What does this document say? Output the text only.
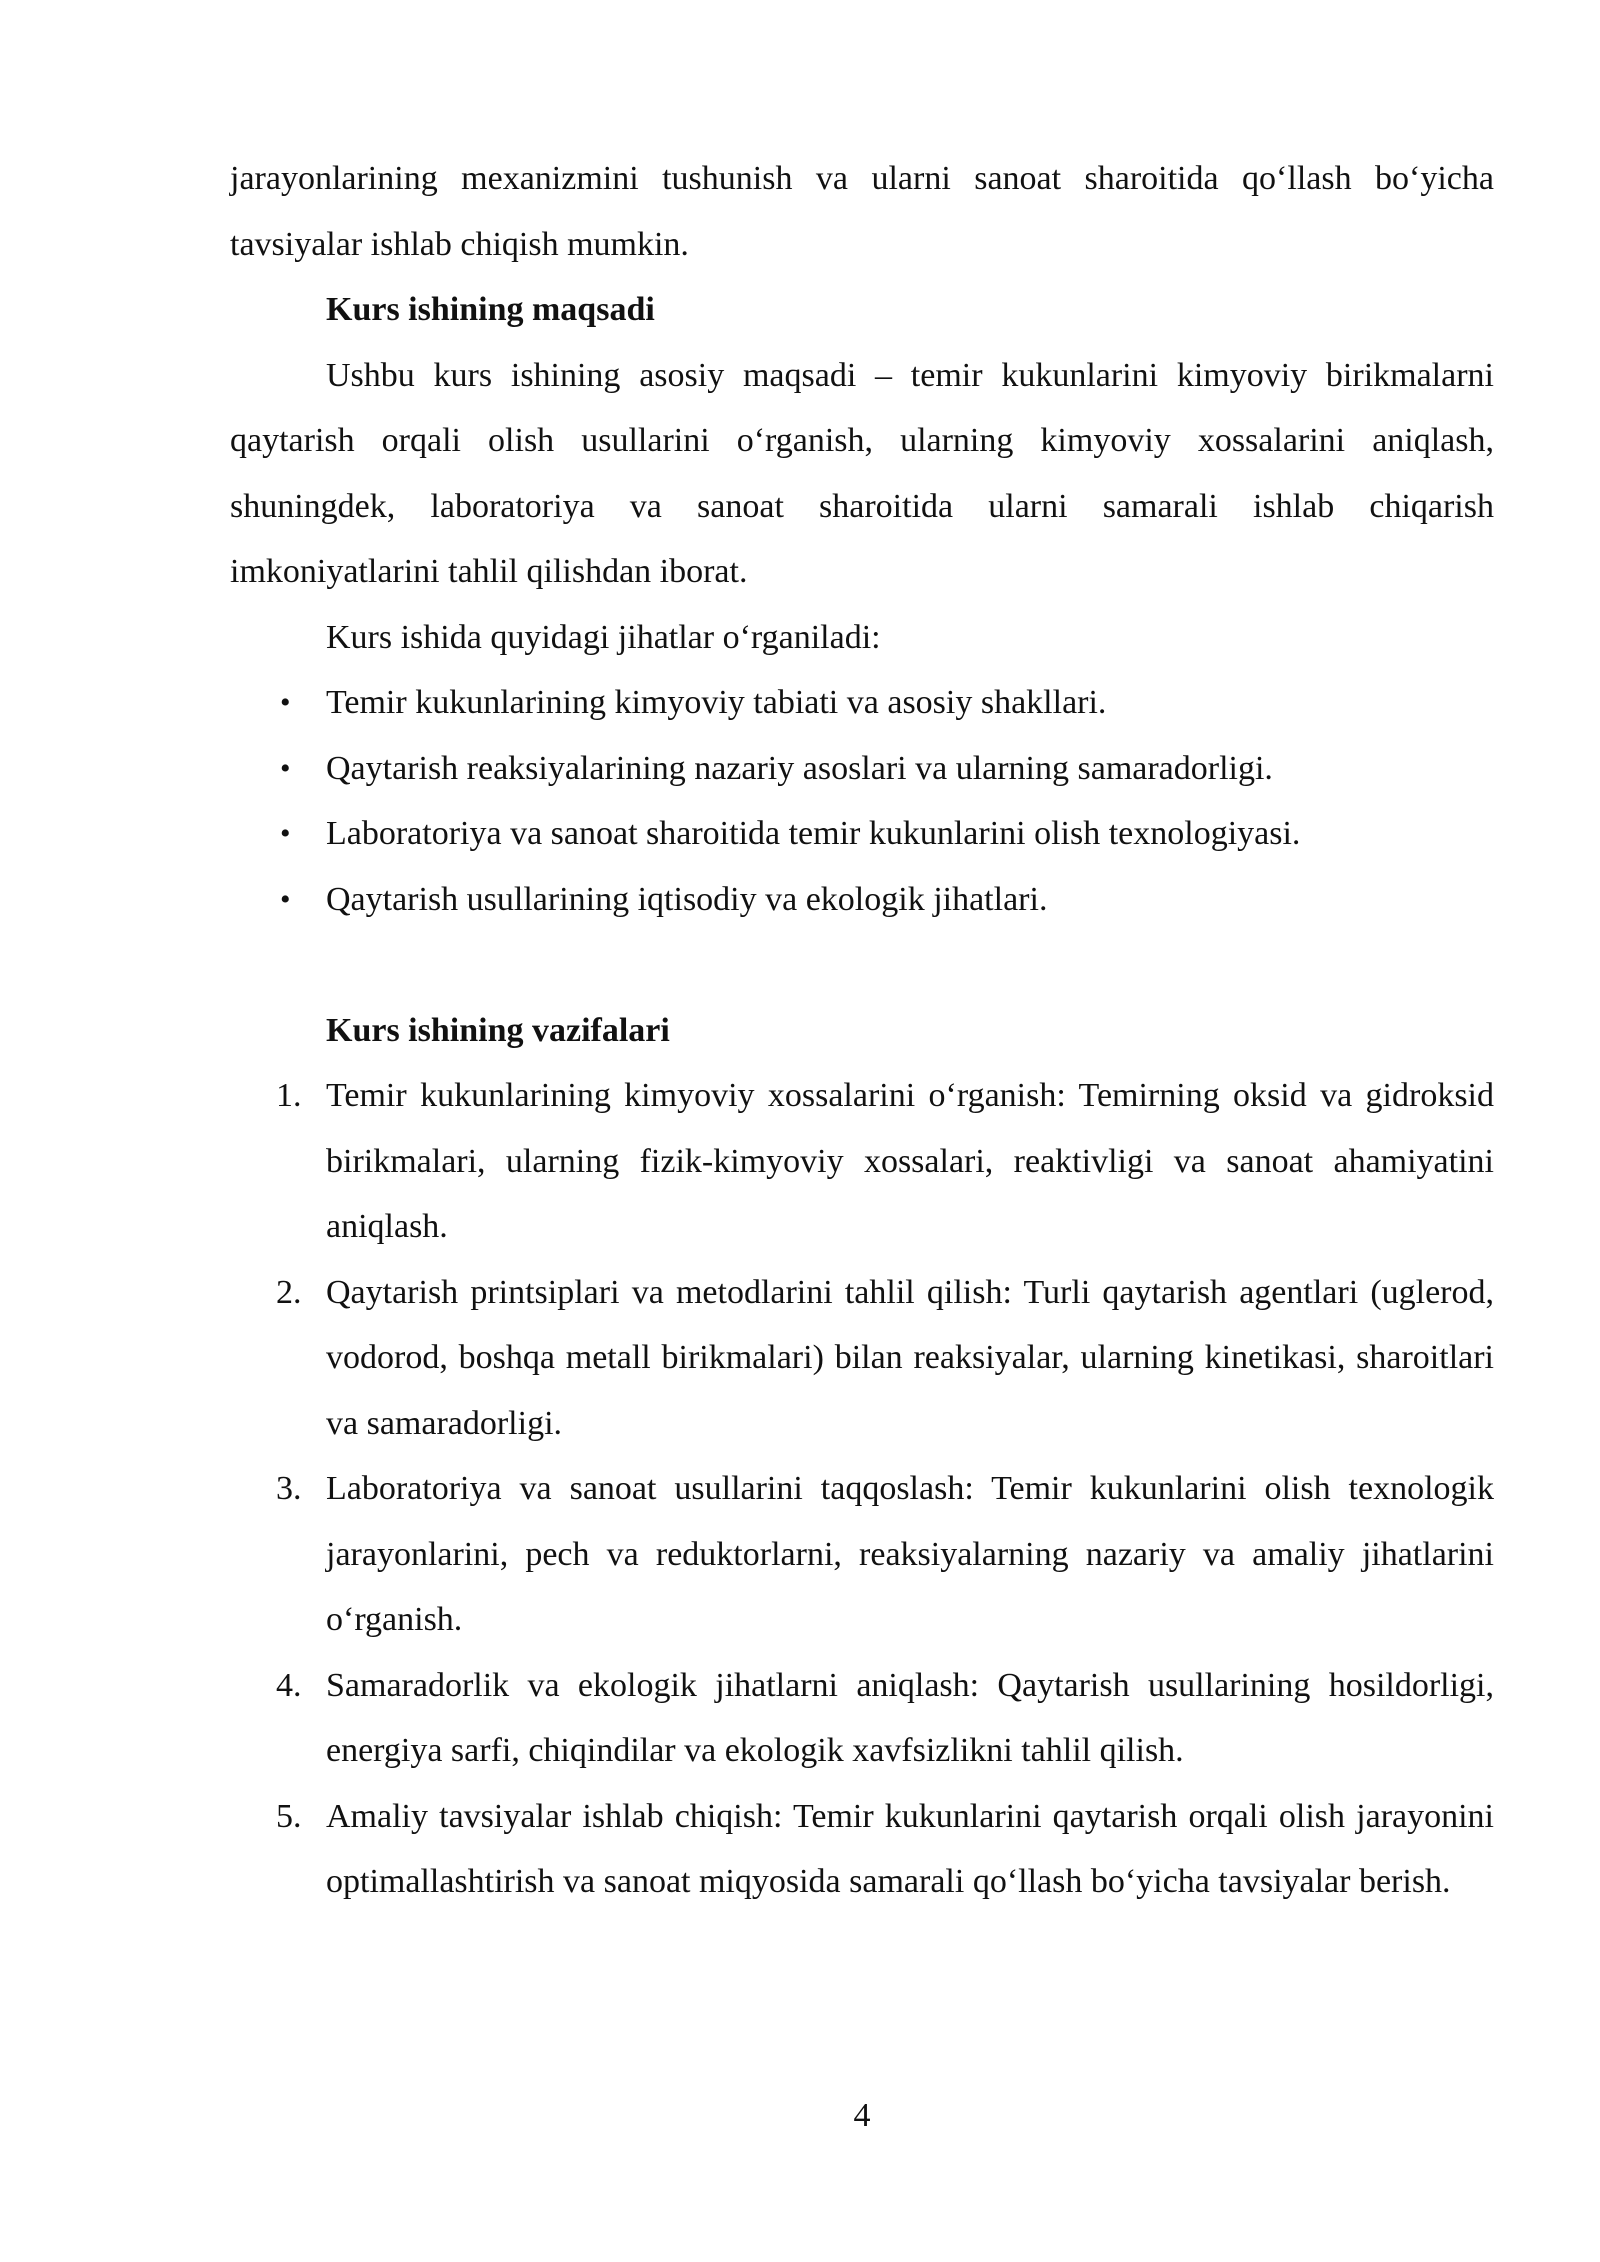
jarayonlarining mexanizmini tushunish va ularni sanoat sharoitida qo‘llash bo‘yicha tavsiyalar ishlab chiqish mumkin.

Kurs ishining maqsadi

Ushbu kurs ishining asosiy maqsadi – temir kukunlarini kimyoviy birikmalarni qaytarish orqali olish usullarini o‘rganish, ularning kimyoviy xossalarini aniqlash, shuningdek, laboratoriya va sanoat sharoitida ularni samarali ishlab chiqarish imkoniyatlarini tahlil qilishdan iborat.

Kurs ishida quyidagi jihatlar o‘rganiladi:

• Temir kukunlarining kimyoviy tabiati va asosiy shakllari.
• Qaytarish reaksiyalarining nazariy asoslari va ularning samaradorligi.
• Laboratoriya va sanoat sharoitida temir kukunlarini olish texnologiyasi.
• Qaytarish usullarining iqtisodiy va ekologik jihatlari.

Kurs ishining vazifalari

1. Temir kukunlarining kimyoviy xossalarini o‘rganish: Temirning oksid va gidroksid birikmalari, ularning fizik-kimyoviy xossalari, reaktivligi va sanoat ahamiyatini aniqlash.
2. Qaytarish printsiplari va metodlarini tahlil qilish: Turli qaytarish agentlari (uglerod, vodorod, boshqa metall birikmalari) bilan reaksiyalar, ularning kinetikasi, sharoitlari va samaradorligi.
3. Laboratoriya va sanoat usullarini taqqoslash: Temir kukunlarini olish texnologik jarayonlarini, pech va reduktorlarni, reaksiyalarning nazariy va amaliy jihatlarini o‘rganish.
4. Samaradorlik va ekologik jihatlarni aniqlash: Qaytarish usullarining hosildorligi, energiya sarfi, chiqindilar va ekologik xavfsizlikni tahlil qilish.
5. Amaliy tavsiyalar ishlab chiqish: Temir kukunlarini qaytarish orqali olish jarayonini optimallashtirish va sanoat miqyosida samarali qo‘llash bo‘yicha tavsiyalar berish.
4
